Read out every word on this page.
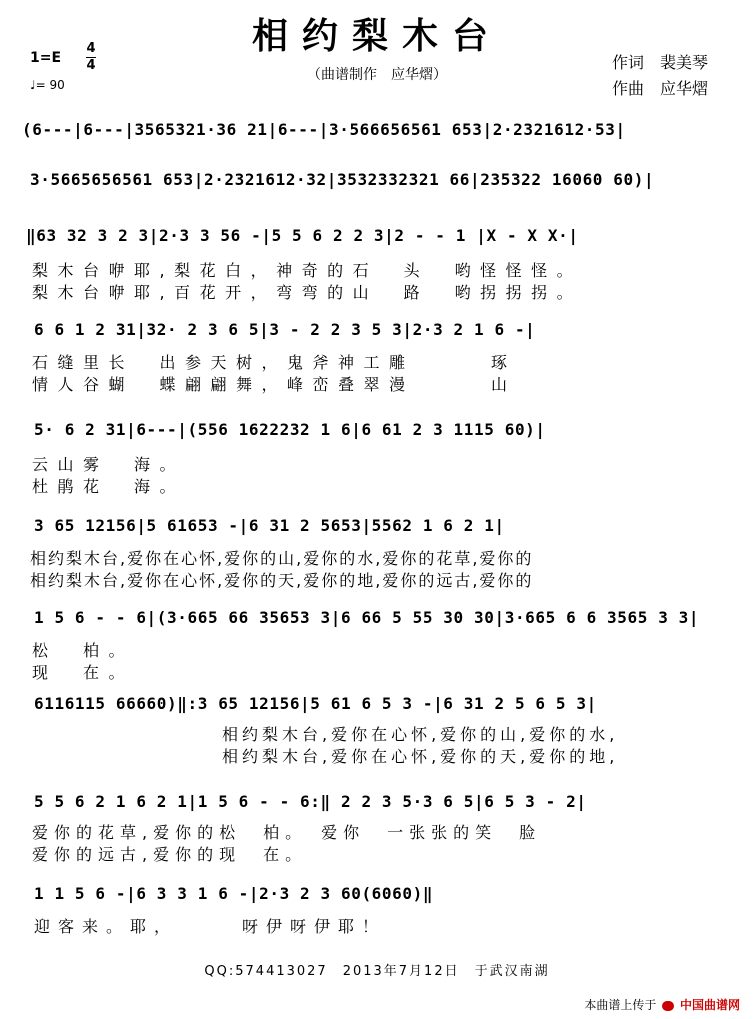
相约梨木台
（曲谱制作　应华熠）
作词　裴美琴
作曲　应华熠
1=E
4
4
♩= 90
(6---|6---|3565321·36 21|6---|3·566656561 653|2·2321612·53|
3·5665656561 653|2·2321612·32|3532332321 66|235322 16060 60)|
‖63 32 3 2 3|2·3 3 56 -|5 5 6 2 2 3|2 - - 1 |X - X X·|
梨木台咿耶,梨花白，神奇的石　头　哟怪怪怪。
梨木台咿耶,百花开，弯弯的山　路　哟拐拐拐。
6 6 1 2 31|32· 2 3 6 5|3 - 2 2 3 5 3|2·3 2 1 6 -|
石缝里长　出参天树，鬼斧神工雕　　　琢
情人谷蝴　蝶翩翩舞，峰峦叠翠漫　　　山
5· 6 2 31|6---|(556 1622232 1 6|6 61 2 3 1115 60)|
云山雾　海。
杜鹃花　海。
3 65 12156|5 61653 -|6 31 2 5653|5562 1 6 2 1|
相约梨木台,爱你在心怀,爱你的山,爱你的水,爱你的花草,爱你的
相约梨木台,爱你在心怀,爱你的天,爱你的地,爱你的远古,爱你的
1 5 6 - - 6|(3·665 66 35653 3|6 66 5 55 30 30|3·665 6 6 3565 3 3|
松　柏。
现　在。
6116115 66660)‖:3 65 12156|5 61 6 5 3 -|6 31 2 5 6 5 3|
相约梨木台,爱你在心怀,爱你的山,爱你的水,
相约梨木台,爱你在心怀,爱你的天,爱你的地,
5 5 6 2 1 6 2 1|1 5 6 - - 6:‖ 2 2 3 5·3 6 5|6 5 3 - 2|
爱你的花草,爱你的松　柏。　爱你　一张张的笑　脸
爱你的远古,爱你的现　在。
1 1 5 6 -|6 3 3 1 6 -|2·3 2 3 60(6060)‖
迎客来。耶，　　　呀伊呀伊耶！
QQ:574413027　2013年7月12日　于武汉南湖
本曲谱上传于 中国曲谱网
